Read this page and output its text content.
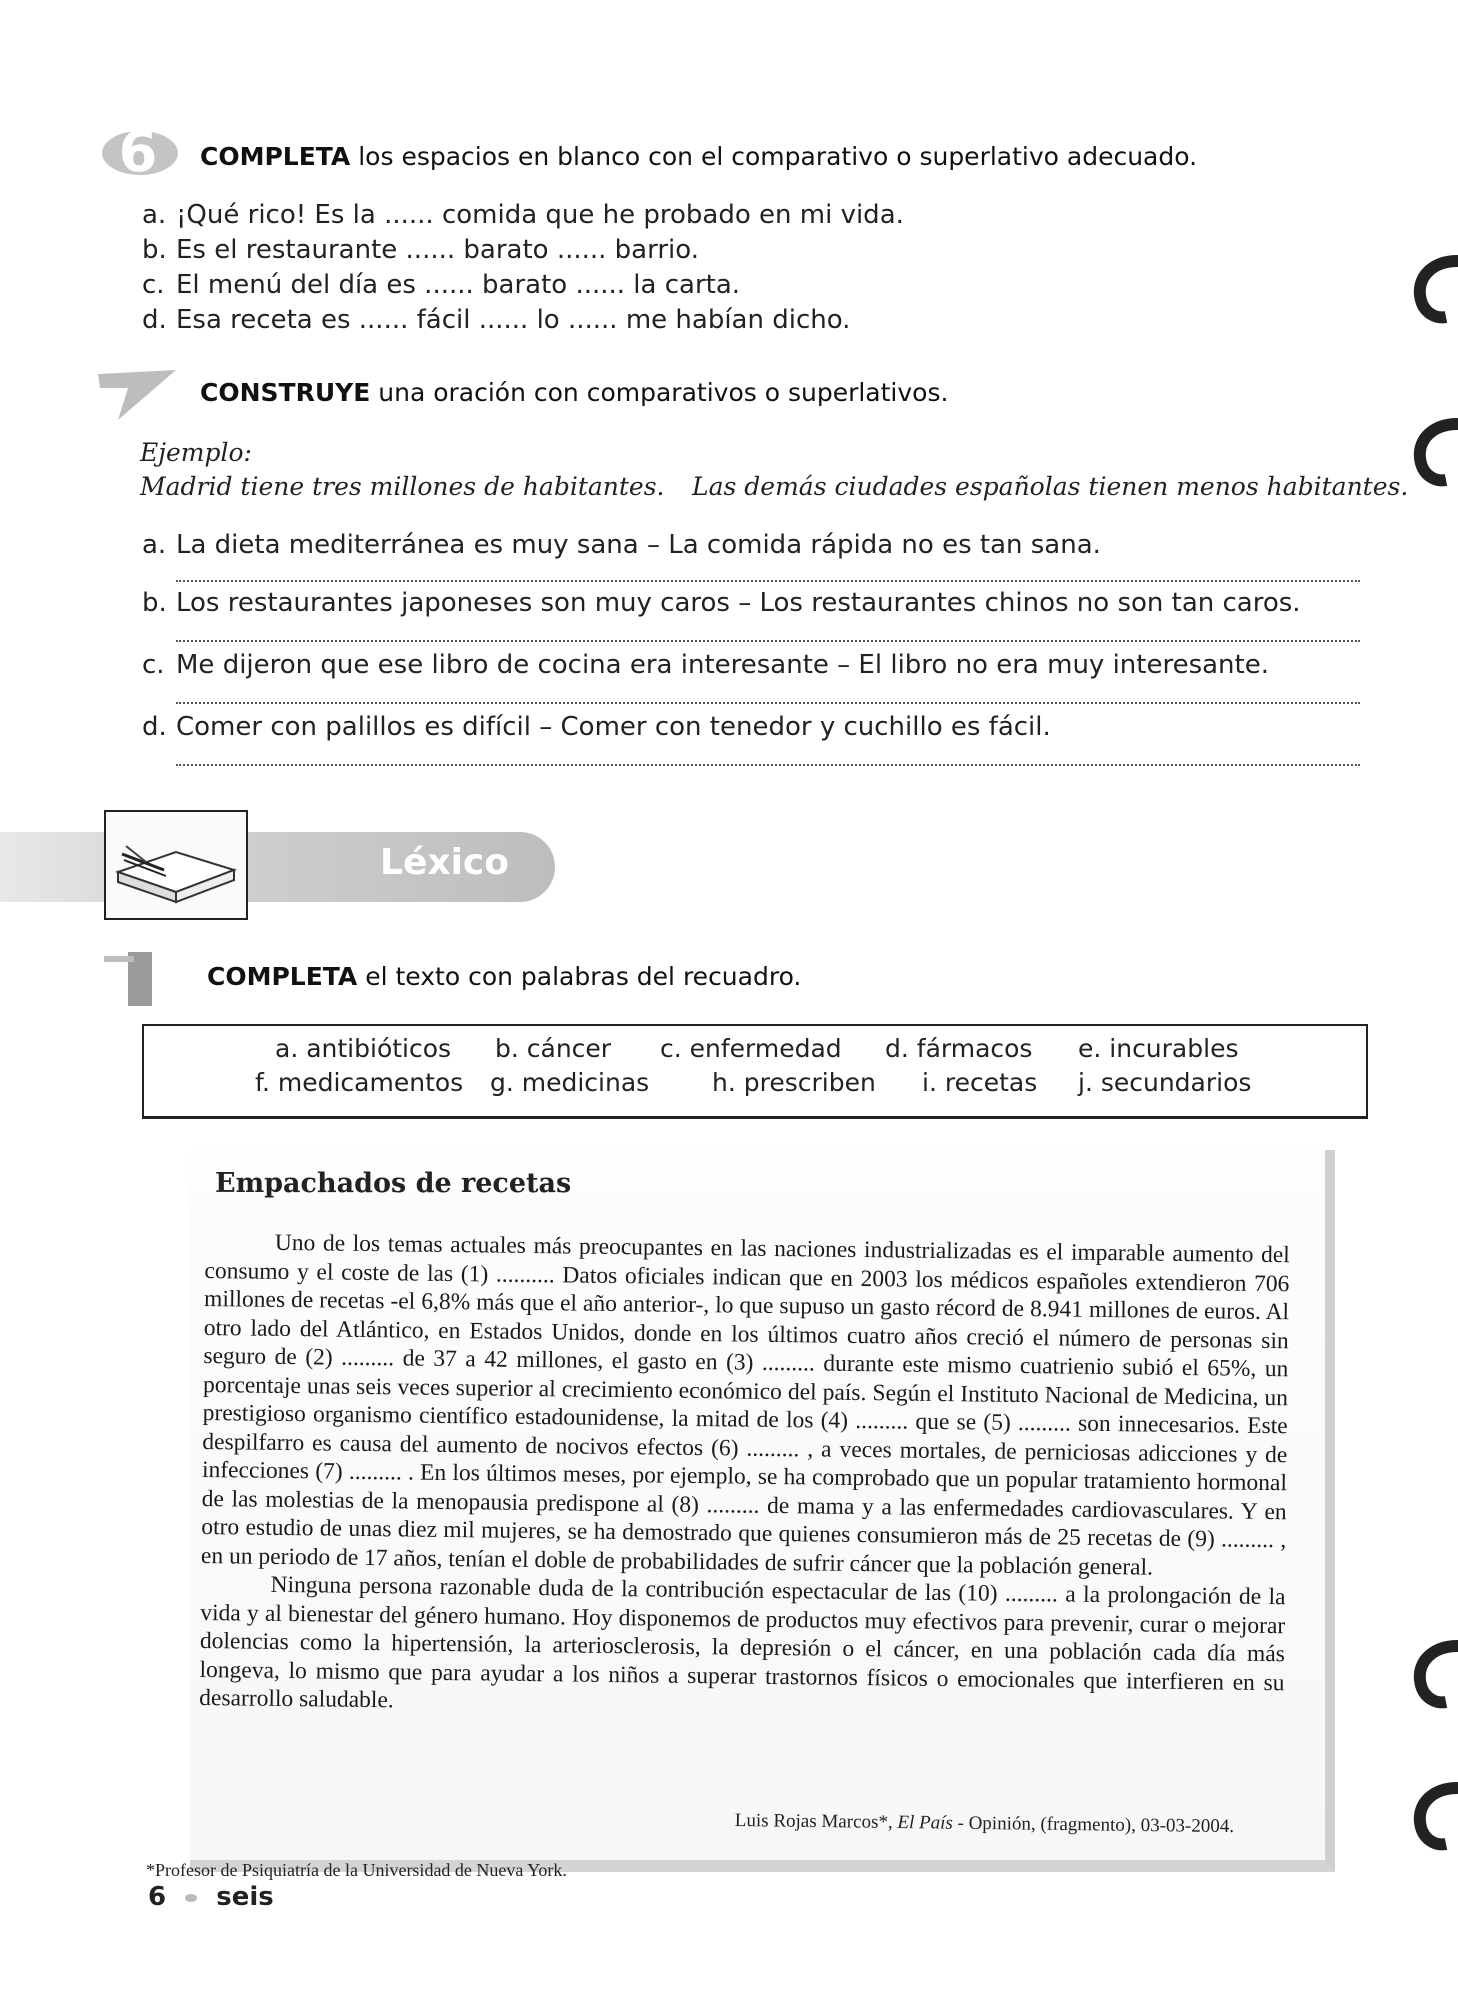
6 COMPLETA los espacios en blanco con el comparativo o superlativo adecuado.
a. ¡Qué rico! Es la ...... comida que he probado en mi vida.
b. Es el restaurante ...... barato ...... barrio.
c. El menú del día es ...... barato ...... la carta.
d. Esa receta es ...... fácil ...... lo ...... me habían dicho.
CONSTRUYE una oración con comparativos o superlativos.
Ejemplo:
Madrid tiene tres millones de habitantes. Las demás ciudades españolas tienen menos habitantes.
a. La dieta mediterránea es muy sana – La comida rápida no es tan sana.
b. Los restaurantes japoneses son muy caros – Los restaurantes chinos no son tan caros.
c. Me dijeron que ese libro de cocina era interesante – El libro no era muy interesante.
d. Comer con palillos es difícil – Comer con tenedor y cuchillo es fácil.
Léxico
COMPLETA el texto con palabras del recuadro.
a. antibióticos b. cáncer c. enfermedad d. fármacos e. incurables
f. medicamentos g. medicinas	h. prescriben i. recetas j. secundarios
Empachados de recetas

Uno de los temas actuales más preocupantes en las naciones industrializadas es el imparable aumento del consumo y el coste de las (1) .......... Datos oficiales indican que en 2003 los médicos españoles extendieron 706 millones de recetas -el 6,8% más que el año anterior-, lo que supuso un gasto récord de 8.941 millones de euros. Al otro lado del Atlántico, en Estados Unidos, donde en los últimos cuatro años creció el número de personas sin seguro de (2) ......... de 37 a 42 millones, el gasto en (3) ......... durante este mismo cuatrienio subió el 65%, un porcentaje unas seis veces superior al crecimiento económico del país. Según el Instituto Nacional de Medicina, un prestigioso organismo científico estadounidense, la mitad de los (4) ......... que se (5) ......... son innecesarios. Este despilfarro es causa del aumento de nocivos efectos (6) ......... , a veces mortales, de perniciosas adicciones y de infecciones (7) ......... . En los últimos meses, por ejemplo, se ha comprobado que un popular tratamiento hormonal de las molestias de la menopausia predispone al (8) ......... de mama y a las enfermedades cardiovasculares. Y en otro estudio de unas diez mil mujeres, se ha demostrado que quienes consumieron más de 25 recetas de (9) ......... , en un periodo de 17 años, tenían el doble de probabilidades de sufrir cáncer que la población general.

Ninguna persona razonable duda de la contribución espectacular de las (10) ......... a la prolongación de la vida y al bienestar del género humano. Hoy disponemos de productos muy efectivos para prevenir, curar o mejorar dolencias como la hipertensión, la arteriosclerosis, la depresión o el cáncer, en una población cada día más longeva, lo mismo que para ayudar a los niños a superar trastornos físicos o emocionales que interfieren en su desarrollo saludable.

Luis Rojas Marcos*, El País - Opinión, (fragmento), 03-03-2004.
*Profesor de Psiquiatría de la Universidad de Nueva York.
6 seis
